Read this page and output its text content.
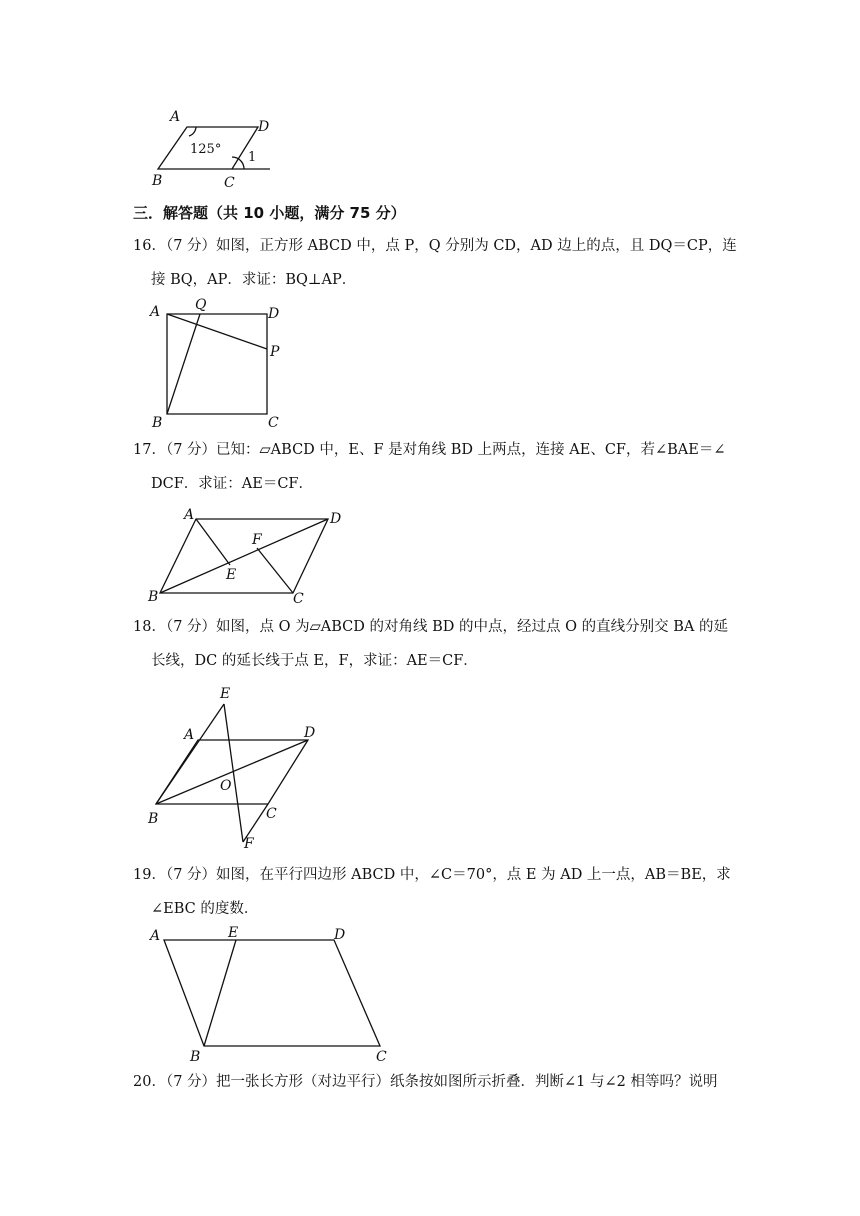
A
D
B	C
1
125°
三．解答题（共 10 小题，满分 75 分）
16．（7 分）如图，正方形 ABCD 中，点 P，Q 分别为 CD，AD 边上的点，且 DQ＝CP，连
接 BQ，AP．求证：BQ⊥AP．
A Q
D
P
B	C
17．（7 分）已知：▱ABCD 中，E、F 是对角线 BD 上两点，连接 AE、CF，若∠BAE＝∠
DCF．求证：AE＝CF．
A	D
F
E
B	C
18．（7 分）如图，点 O 为▱ABCD 的对角线 BD 的中点，经过点 O 的直线分别交 BA 的延
长线，DC 的延长线于点 E，F，求证：AE＝CF．
E
A	D
O
B	C
F
19．（7 分）如图，在平行四边形 ABCD 中，∠C＝70°，点 E 为 AD 上一点，AB＝BE，求
∠EBC 的度数．
A	E	D
B	C
20．（7 分）把一张长方形（对边平行）纸条按如图所示折叠．判断∠1 与∠2 相等吗？说明
